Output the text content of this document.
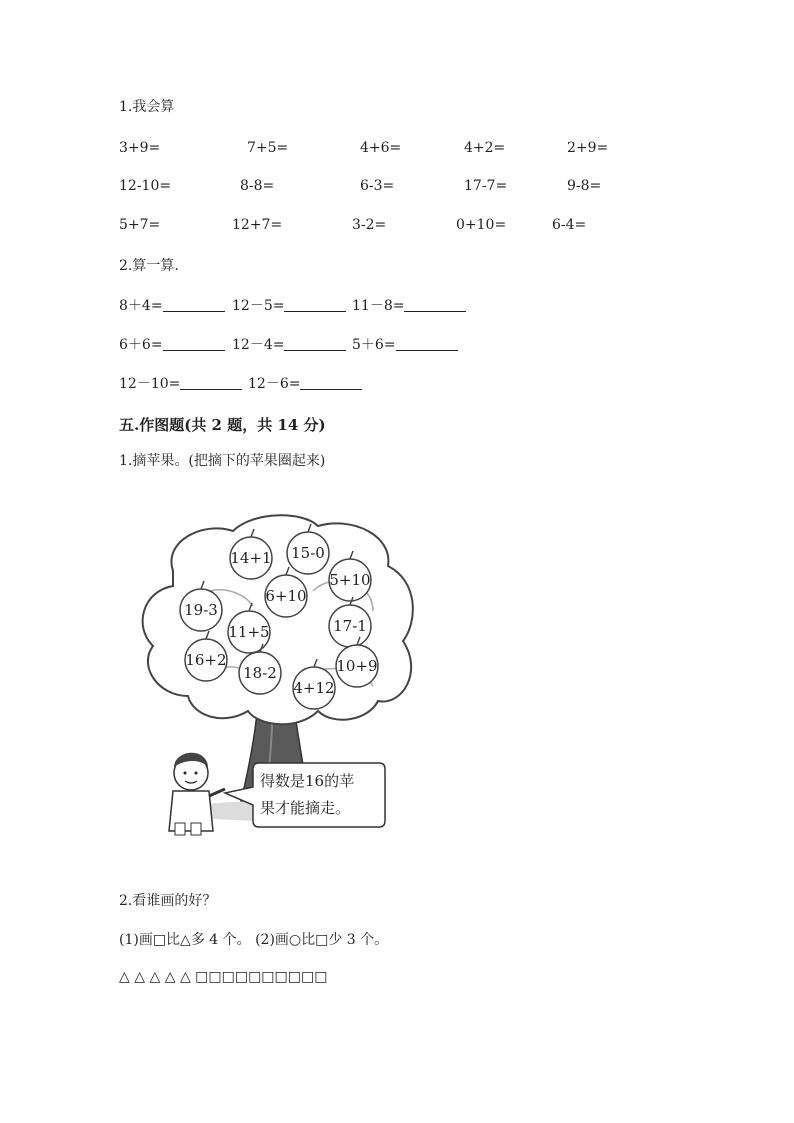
1.我会算
3+9=	7+5=	4+6=	4+2=	2+9=
12-10=	8-8=	6-3=	17-7=	9-8=
5+7=	12+7=	3-2=	0+10=	6-4=
2.算一算.
8＋4=	12－5=	11－8=
6＋6=	12－4=	5＋6=
12－10=	12－6=
五.作图题(共 2 题，共 14 分)
1.摘苹果。(把摘下的苹果圈起来)
14+1 15-0
5+10
6+10
19-3
11+5	17-1
16+2
18-2	10+9
4+12
得数是16的苹
果才能摘走。
2.看谁画的好？
(1)画□比△多 4 个。 (2)画○比□少 3 个。
△ △ △ △ △ □□□□□□□□□□
